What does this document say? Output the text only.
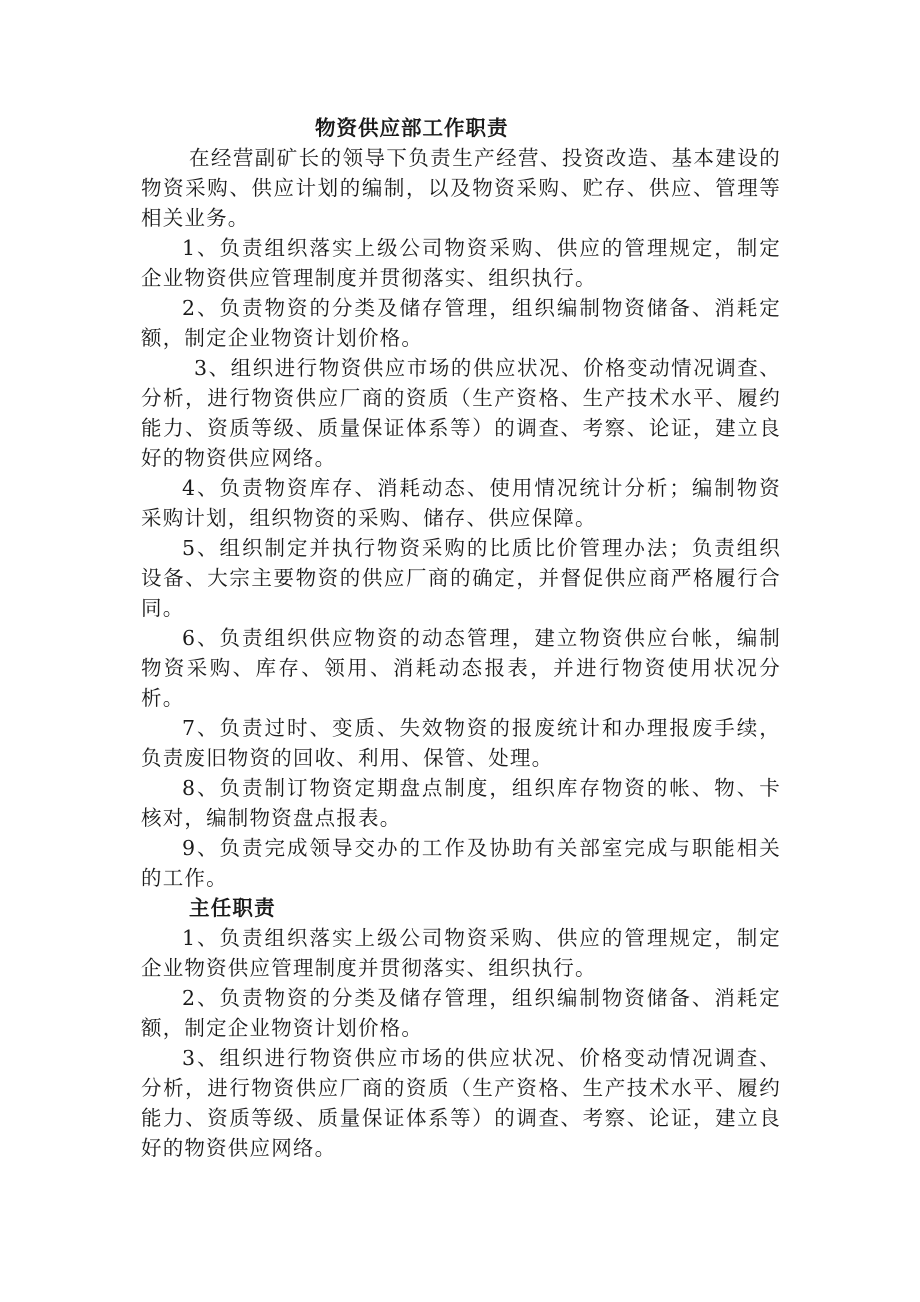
物资供应部工作职责

在经营副矿长的领导下负责生产经营、投资改造、基本建设的物资采购、供应计划的编制，以及物资采购、贮存、供应、管理等相关业务。

1、负责组织落实上级公司物资采购、供应的管理规定，制定企业物资供应管理制度并贯彻落实、组织执行。

2、负责物资的分类及储存管理，组织编制物资储备、消耗定额，制定企业物资计划价格。

3、组织进行物资供应市场的供应状况、价格变动情况调查、分析，进行物资供应厂商的资质（生产资格、生产技术水平、履约能力、资质等级、质量保证体系等）的调查、考察、论证，建立良好的物资供应网络。

4、负责物资库存、消耗动态、使用情况统计分析；编制物资采购计划，组织物资的采购、储存、供应保障。

5、组织制定并执行物资采购的比质比价管理办法；负责组织设备、大宗主要物资的供应厂商的确定，并督促供应商严格履行合同。

6、负责组织供应物资的动态管理，建立物资供应台帐，编制物资采购、库存、领用、消耗动态报表，并进行物资使用状况分析。

7、负责过时、变质、失效物资的报废统计和办理报废手续，负责废旧物资的回收、利用、保管、处理。

8、负责制订物资定期盘点制度，组织库存物资的帐、物、卡核对，编制物资盘点报表。

9、负责完成领导交办的工作及协助有关部室完成与职能相关的工作。

主任职责

1、负责组织落实上级公司物资采购、供应的管理规定，制定企业物资供应管理制度并贯彻落实、组织执行。

2、负责物资的分类及储存管理，组织编制物资储备、消耗定额，制定企业物资计划价格。

3、组织进行物资供应市场的供应状况、价格变动情况调查、分析，进行物资供应厂商的资质（生产资格、生产技术水平、履约能力、资质等级、质量保证体系等）的调查、考察、论证，建立良好的物资供应网络。
